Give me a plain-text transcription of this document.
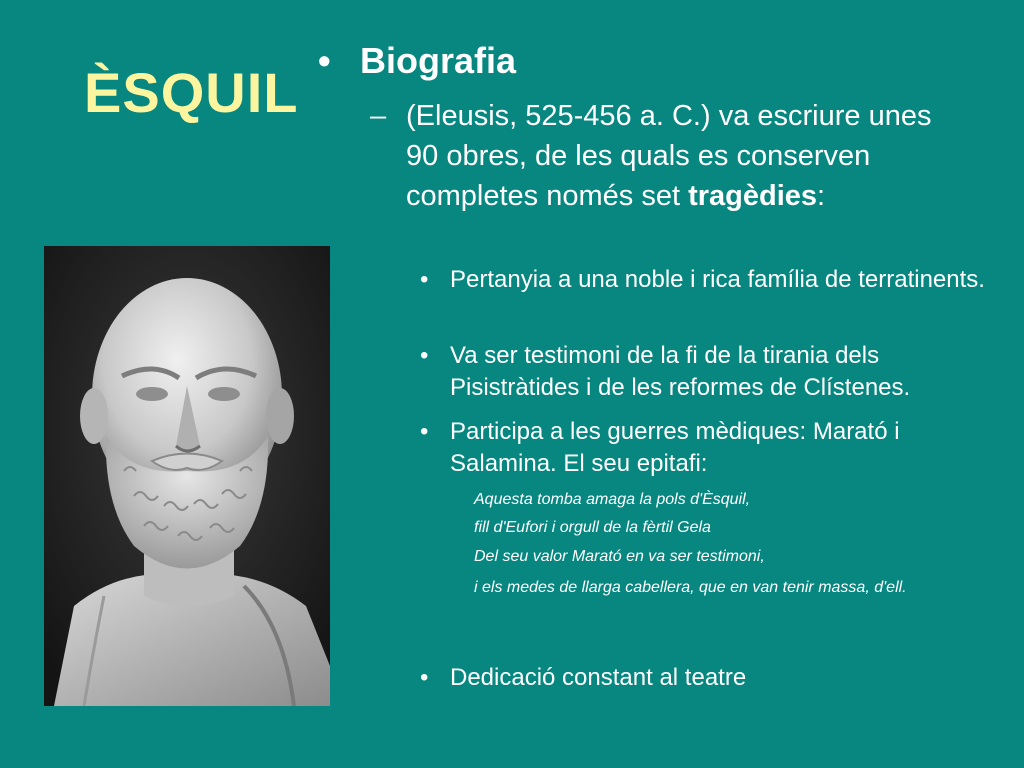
ÈSQUIL
• Biografia
– (Eleusis, 525-456 a. C.) va escriure unes 90 obres, de les quals es conserven completes només set tragèdies:
• Pertanyia a una noble i rica família de terratinents.
• Va ser testimoni de la fi de la tirania dels Pisistràtides i de les reformes de Clístenes.
• Participa a les guerres mèdiques: Marató i Salamina. El seu epitafi:
Aquesta tomba amaga la pols d'Èsquil,
fill d'Eufori i orgull de la fèrtil Gela
Del seu valor Marató en va ser testimoni,
i els medes de llarga cabellera, que en van tenir massa, d'ell.
• Dedicació constant al teatre
